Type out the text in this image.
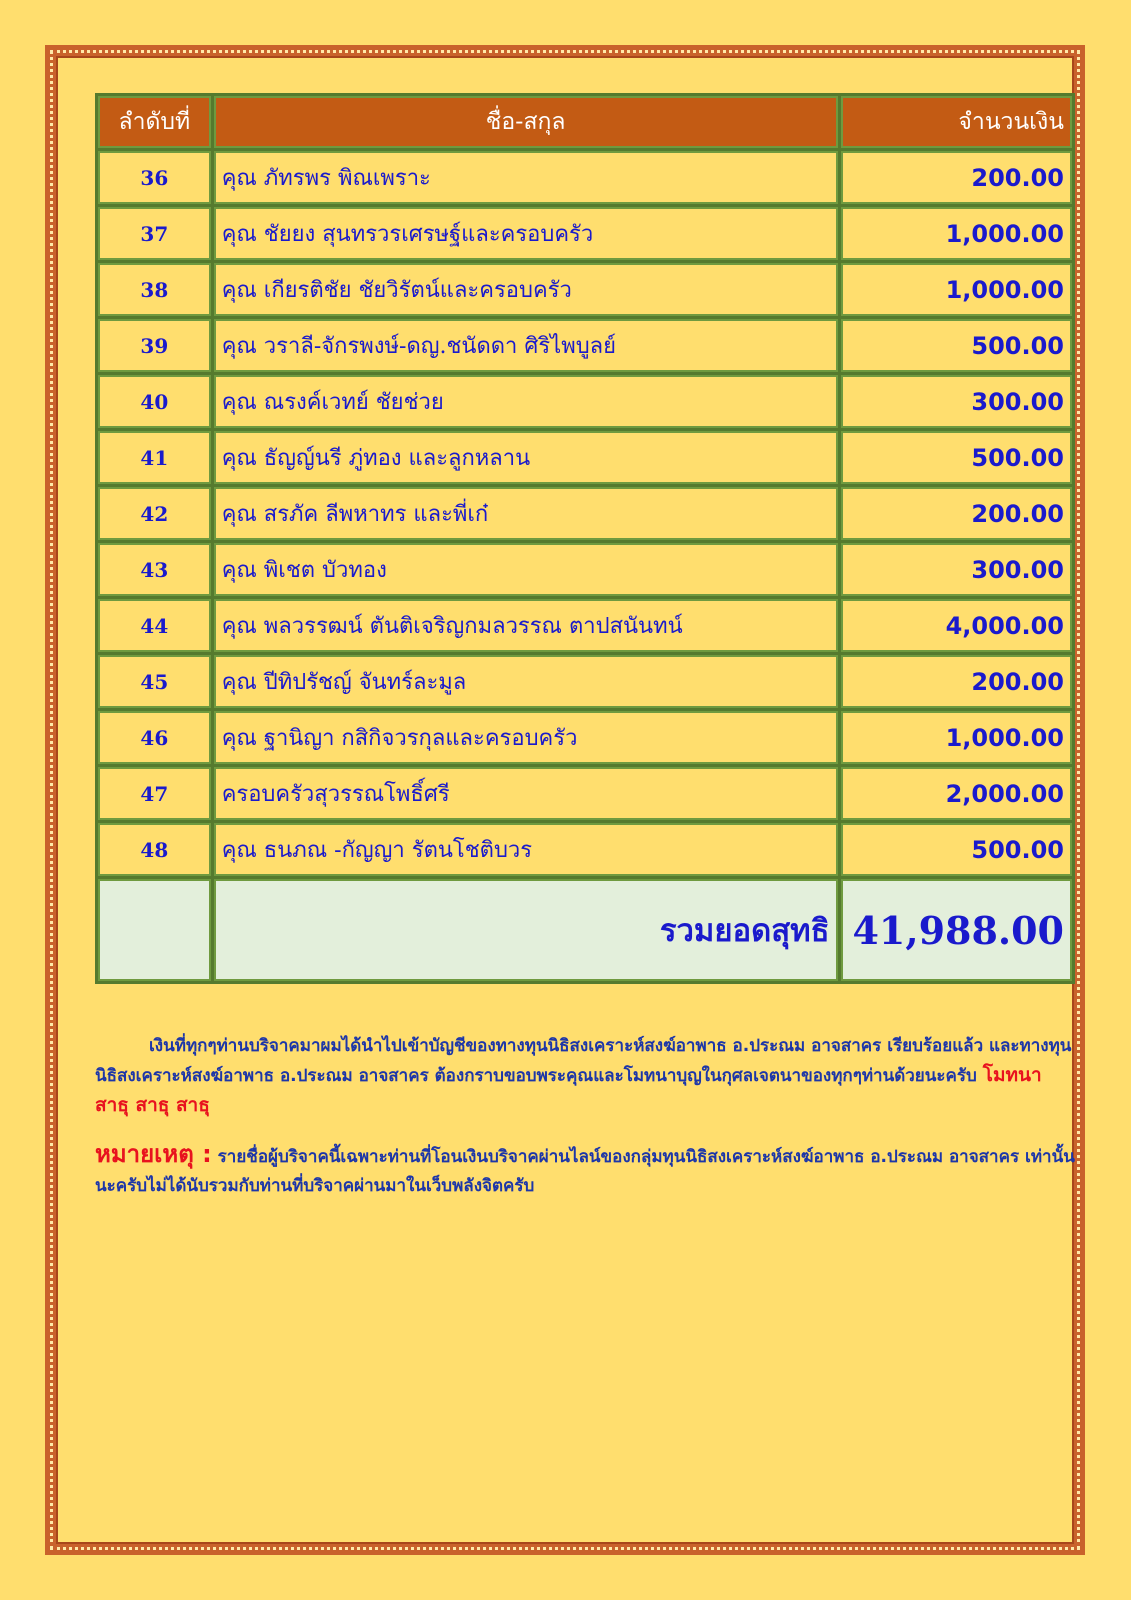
ลำดับที่	ชื่อ-สกุล	จำนวนเงิน
36	คุณ ภัทรพร พิณเพราะ	200.00
37	คุณ ชัยยง สุนทรวรเศรษฐ์และครอบครัว	1,000.00
38	คุณ เกียรติชัย ชัยวิรัตน์และครอบครัว	1,000.00
39	คุณ วราลี-จักรพงษ์-ดญ.ชนัดดา ศิริไพบูลย์	500.00
40	คุณ ณรงค์เวทย์ ชัยช่วย	300.00
41	คุณ ธัญญ์นรี ภู่ทอง และลูกหลาน	500.00
42	คุณ สรภัค ลีพหาทร และพี่เก๋	200.00
43	คุณ พิเชต บัวทอง	300.00
44	คุณ พลวรรฒน์ ตันติเจริญกมลวรรณ ตาปสนันทน์	4,000.00
45	คุณ ปีทิปรัชญ์ จันทร์ละมูล	200.00
46	คุณ ฐานิญา กสิกิจวรกุลและครอบครัว	1,000.00
47	ครอบครัวสุวรรณโพธิ์ศรี	2,000.00
48	คุณ ธนภณ -กัญญา รัตนโชติบวร	500.00
	รวมยอดสุทธิ	41,988.00
เงินที่ทุกๆท่านบริจาคมาผมได้นำไปเข้าบัญชีของทางทุนนิธิสงเคราะห์สงฆ์อาพาธ อ.ประณม อาจสาคร เรียบร้อยแล้ว และทางทุนนิธิสงเคราะห์สงฆ์อาพาธ อ.ประณม อาจสาคร ต้องกราบขอบพระคุณและโมทนาบุญในกุศลเจตนาของทุกๆท่านด้วยนะครับ โมทนาสาธุ สาธุ สาธุ
หมายเหตุ : รายชื่อผู้บริจาคนี้เฉพาะท่านที่โอนเงินบริจาคผ่านไลน์ของกลุ่มทุนนิธิสงเคราะห์สงฆ์อาพาธ อ.ประณม อาจสาคร เท่านั้นนะครับไม่ได้นับรวมกับท่านที่บริจาคผ่านมาในเว็บพลังจิตครับ
